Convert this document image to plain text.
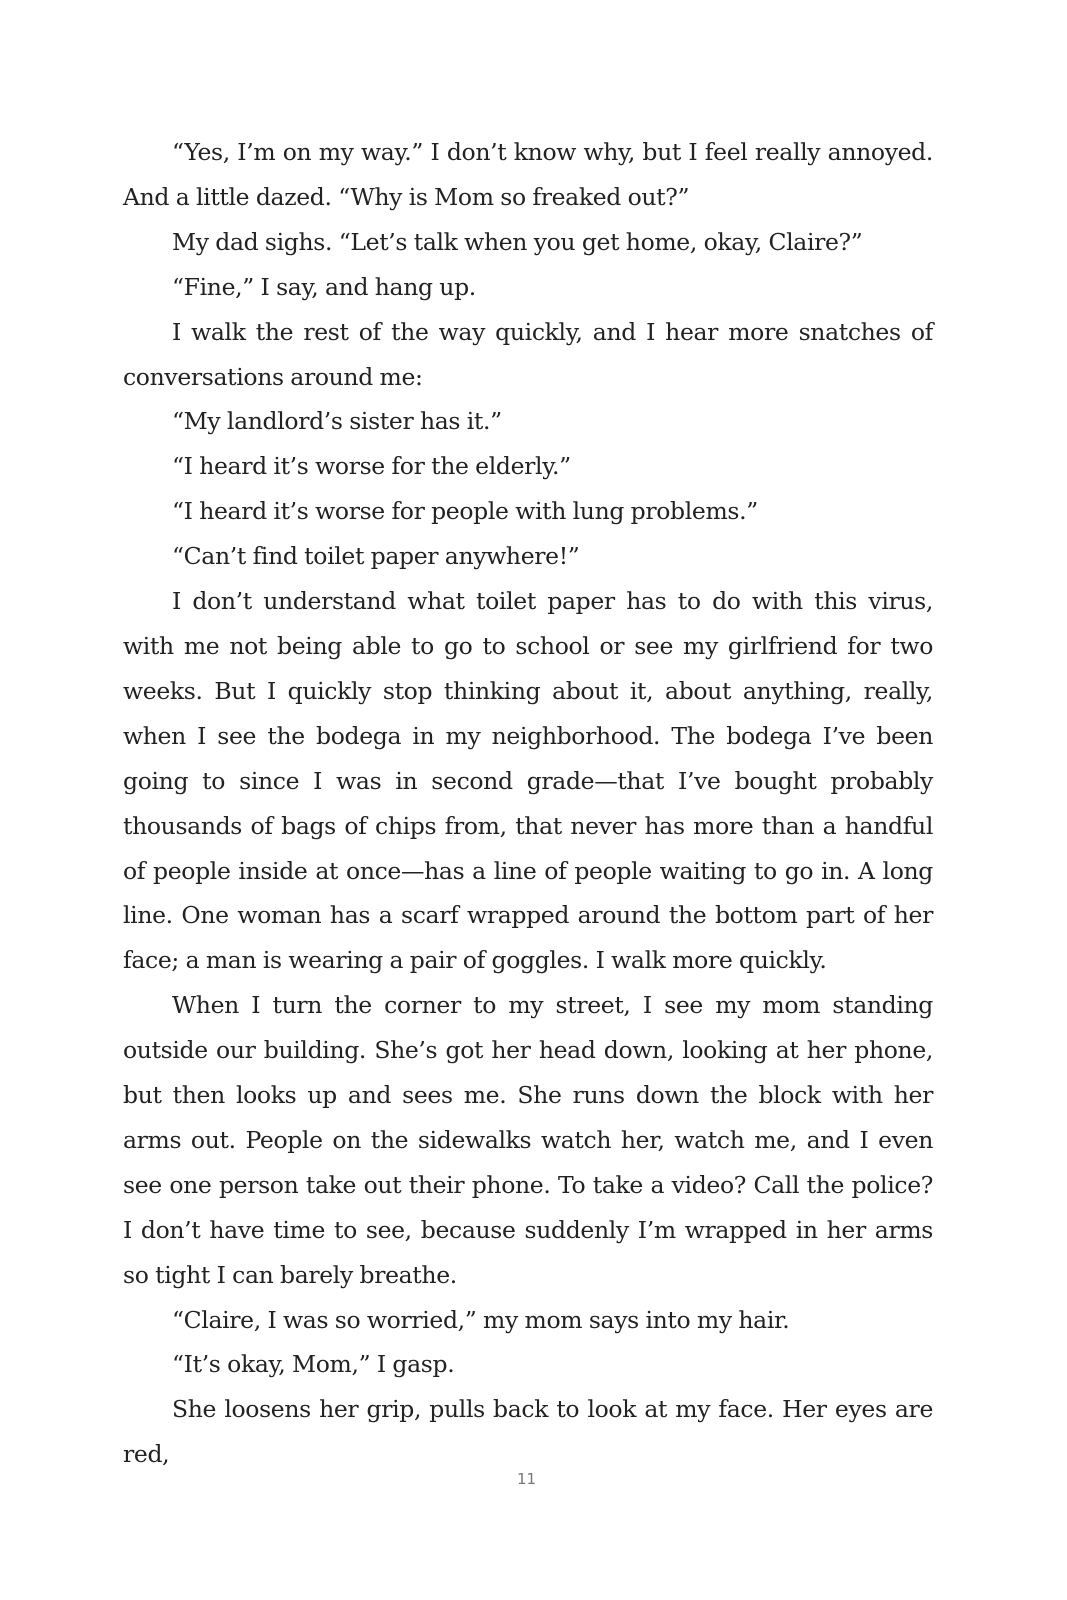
“Yes, I’m on my way.” I don’t know why, but I feel really annoyed. And a little dazed. “Why is Mom so freaked out?”

My dad sighs. “Let’s talk when you get home, okay, Claire?”

“Fine,” I say, and hang up.

I walk the rest of the way quickly, and I hear more snatches of conversations around me:

“My landlord’s sister has it.”

“I heard it’s worse for the elderly.”

“I heard it’s worse for people with lung problems.”

“Can’t find toilet paper anywhere!”

I don’t understand what toilet paper has to do with this virus, with me not being able to go to school or see my girlfriend for two weeks. But I quickly stop thinking about it, about anything, really, when I see the bodega in my neighborhood. The bodega I’ve been going to since I was in second grade—that I’ve bought probably thousands of bags of chips from, that never has more than a handful of people inside at once—has a line of people waiting to go in. A long line. One woman has a scarf wrapped around the bottom part of her face; a man is wearing a pair of goggles. I walk more quickly.

When I turn the corner to my street, I see my mom standing outside our building. She’s got her head down, looking at her phone, but then looks up and sees me. She runs down the block with her arms out. People on the sidewalks watch her, watch me, and I even see one person take out their phone. To take a video? Call the police? I don’t have time to see, because suddenly I’m wrapped in her arms so tight I can barely breathe.

“Claire, I was so worried,” my mom says into my hair.

“It’s okay, Mom,” I gasp.

She loosens her grip, pulls back to look at my face. Her eyes are red,

11
